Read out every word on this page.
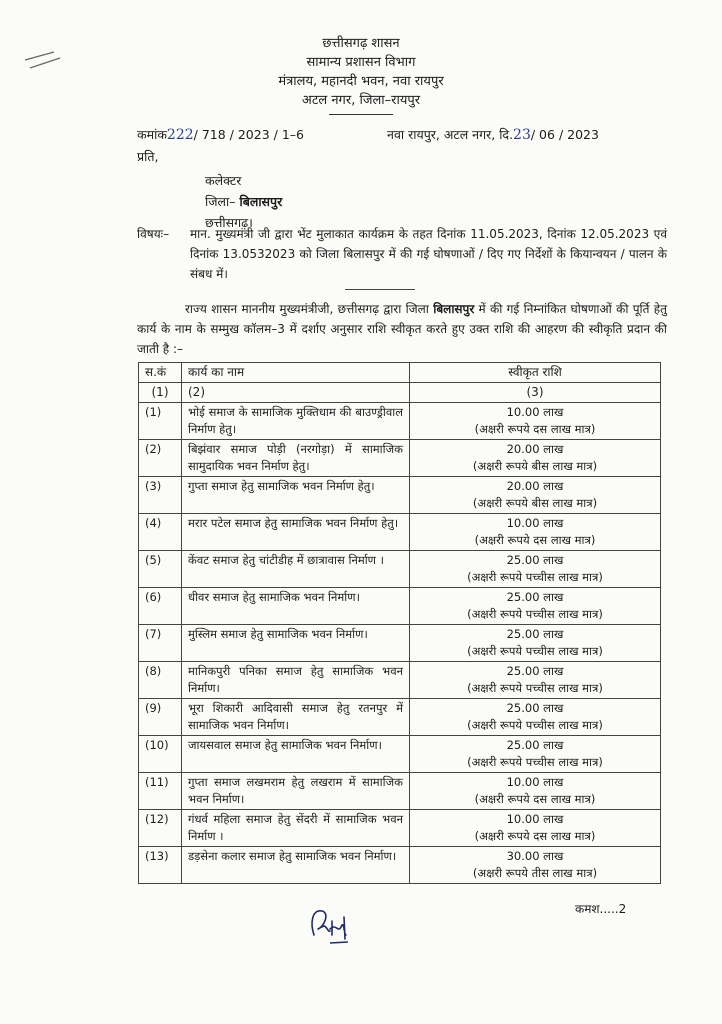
छत्तीसगढ़ शासन
सामान्य प्रशासन विभाग
मंत्रालय, महानदी भवन, नवा रायपुर
अटल नगर, जिला–रायपुर
कमांक222/ 718 / 2023 / 1–6	नवा रायपुर, अटल नगर, दि.23/ 06 / 2023
प्रति,
कलेक्टर
जिला– बिलासपुर
छत्तीसगढ़।
विषयः– मान. मुख्यमंत्री जी द्वारा भेंट मुलाकात कार्यक्रम के तहत दिनांक 11.05.2023, दिनांक 12.05.2023 एवं दिनांक 13.0532023 को जिला बिलासपुर में की गई घोषणाओं / दिए गए निर्देशों के कियान्वयन / पालन के संबध में।
राज्य शासन माननीय मुख्यमंत्रीजी, छत्तीसगढ़ द्वारा जिला बिलासपुर में की गई निम्नांकित घोषणाओं की पूर्ति हेतु कार्य के नाम के सम्मुख कॉलम–3 में दर्शाए अनुसार राशि स्वीकृत करते हुए उक्त राशि की आहरण की स्वीकृति प्रदान की जाती है :–
स.कं	कार्य का नाम	स्वीकृत राशि
(1)	(2)	(3)
(1)	भोई समाज के सामाजिक मुक्तिधाम की बाउण्ड्रीवाल निर्माण हेतु।	10.00 लाख
(अक्षरी रूपये दस लाख मात्र)

(2)	बिझंवार समाज पोड़ी (नरगोड़ा) में सामाजिक सामुदायिक भवन निर्माण हेतु।	20.00 लाख
(अक्षरी रूपये बीस लाख मात्र)

(3)	गुप्ता समाज हेतु सामाजिक भवन निर्माण हेतु।	20.00 लाख
(अक्षरी रूपये बीस लाख मात्र)

(4)	मरार पटेल समाज हेतु सामाजिक भवन निर्माण हेतु।	10.00 लाख
(अक्षरी रूपये दस लाख मात्र)

(5)	केंवट समाज हेतु चांटीडीह में छात्रावास निर्माण ।	25.00 लाख
(अक्षरी रूपये पच्चीस लाख मात्र)

(6)	धीवर समाज हेतु सामाजिक भवन निर्माण।	25.00 लाख
(अक्षरी रूपये पच्चीस लाख मात्र)

(7)	मुस्लिम समाज हेतु सामाजिक भवन निर्माण।	25.00 लाख
(अक्षरी रूपये पच्चीस लाख मात्र)

(8)	मानिकपुरी पनिका समाज हेतु सामाजिक भवन निर्माण।	25.00 लाख
(अक्षरी रूपये पच्चीस लाख मात्र)

(9)	भूरा शिकारी आदिवासी समाज हेतु रतनपुर में सामाजिक भवन निर्माण।	25.00 लाख
(अक्षरी रूपये पच्चीस लाख मात्र)

(10)	जायसवाल समाज हेतु सामाजिक भवन निर्माण।	25.00 लाख
(अक्षरी रूपये पच्चीस लाख मात्र)

(11)	गुप्ता समाज लखमराम हेतु लखराम में सामाजिक भवन निर्माण।	10.00 लाख
(अक्षरी रूपये दस लाख मात्र)

(12)	गंधर्व महिला समाज हेतु सेंदरी में सामाजिक भवन निर्माण ।	10.00 लाख
(अक्षरी रूपये दस लाख मात्र)

(13)	डड़सेना कलार समाज हेतु सामाजिक भवन निर्माण।	30.00 लाख
(अक्षरी रूपये तीस लाख मात्र)
कमश.....2
